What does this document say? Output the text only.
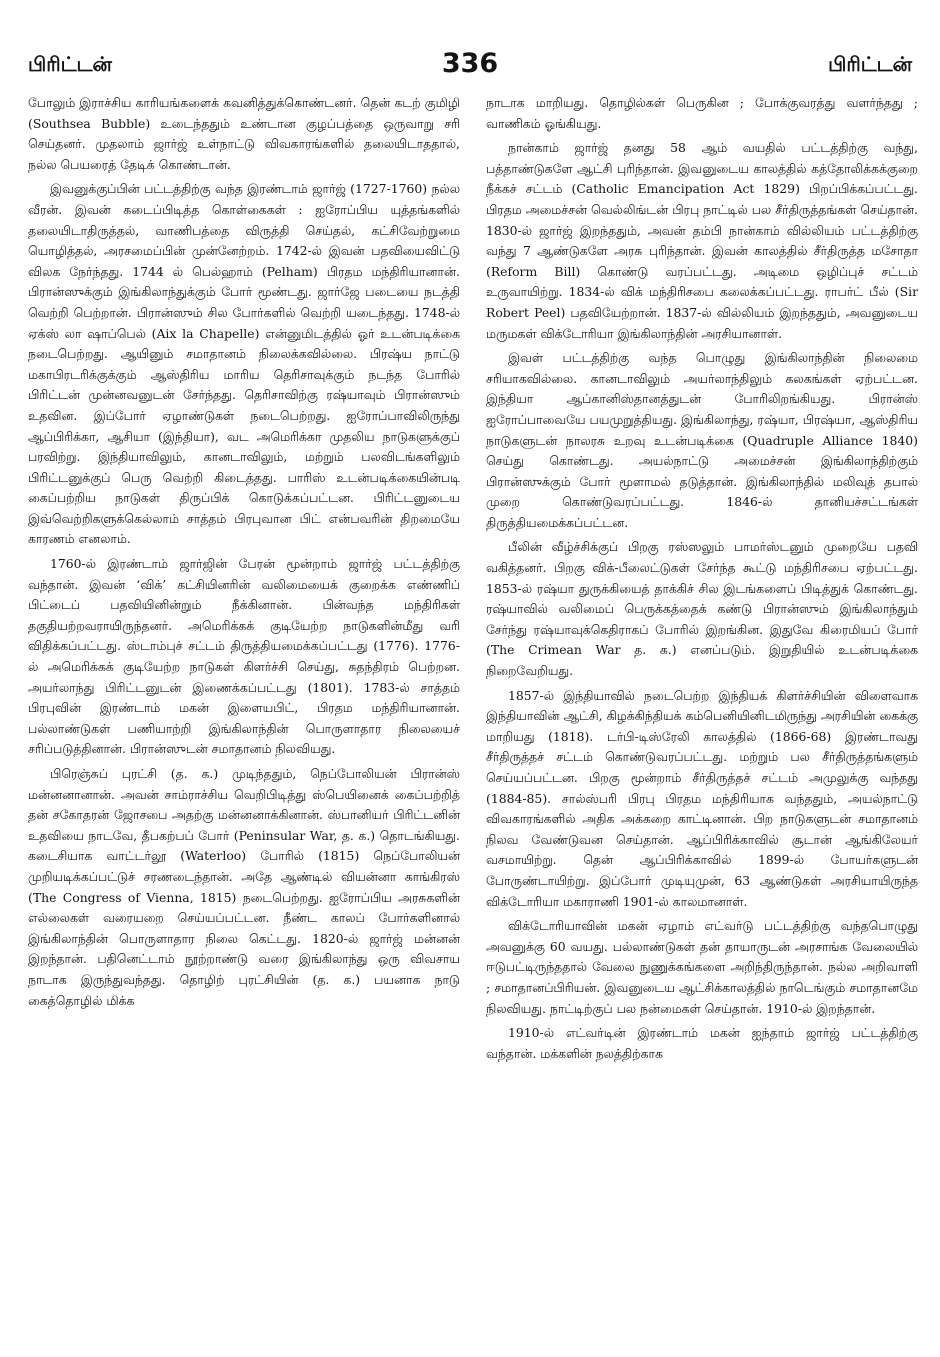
பிரிட்டன்	336	பிரிட்டன்

போலும் இராச்சிய காரியங்களைக் கவனித்துக்கொண்டனர். தென் கடற் குமிழி (Southsea Bubble) உடைந்ததும் உண்டான குழப்பத்தை ஒருவாறு சரி செய்தனர். முதலாம் ஜார்ஜ் உள்நாட்டு விவகாரங்களில் தலையிடாததால், நல்ல பெயரைத் தேடிக் கொண்டான்.

இவனுக்குப்பின் பட்டத்திற்கு வந்த இரண்டாம் ஜார்ஜ் (1727-1760) நல்ல வீரன். இவன் கடைப்பிடித்த கொள்கைகள் : ஐரோப்பிய யுத்தங்களில் தலையிடாதிருத்தல், வாணிபத்தை விருத்தி செய்தல், கட்சிவேற்றுமை யொழித்தல், அரசமைப்பின் முன்னேற்றம். 1742-ல் இவன் பதவியைவிட்டு விலக நேர்ந்தது. 1744 ல் பெல்ஹாம் (Pelham) பிரதம மந்திரியானான். பிரான்ஸுக்கும் இங்கிலாந்துக்கும் போர் மூண்டது. ஜார்ஜே படையை நடத்தி வெற்றி பெற்றான். பிரான்ஸும் சில போர்களில் வெற்றி யடைந்தது. 1748-ல் ஏக்ஸ் லா ஷாப்பெல் (Aix la Chapelle) என்னுமிடத்தில் ஓர் உடன்படிக்கை நடைபெற்றது. ஆயினும் சமாதானம் நிலைக்கவில்லை. பிரஷ்ய நாட்டு மகாபிரடரிக்குக்கும் ஆஸ்திரிய மாரிய தெரிசாவுக்கும் நடந்த போரில் பிரிட்டன் முன்னவனுடன் சேர்ந்தது. தெரிசாவிற்கு ரஷ்யாவும் பிரான்ஸும் உதவின. இப்போர் ஏழாண்டுகள் நடைபெற்றது. ஐரோப்பாவிலிருந்து ஆப்பிரிக்கா, ஆசியா (இந்தியா), வட அமெரிக்கா முதலிய நாடுகளுக்குப் பரவிற்று. இந்தியாவிலும், கானடாவிலும், மற்றும் பலவிடங்களிலும் பிரிட்டனுக்குப் பெரு வெற்றி கிடைத்தது. பாரிஸ் உடன்படிக்கையின்படி கைப்பற்றிய நாடுகள் திருப்பிக் கொடுக்கப்பட்டன. பிரிட்டனுடைய இவ்வெற்றிகளுக்கெல்லாம் சாத்தம் பிரபுவான பிட் என்பவரின் திறமையே காரணம் எனலாம்.

1760-ல் இரண்டாம் ஜார்ஜின் பேரன் மூன்றாம் ஜார்ஜ் பட்டத்திற்கு வந்தான். இவன் ‘விக்’ கட்சியினரின் வலிமையைக் குறைக்க எண்ணிப் பிட்டைப் பதவியினின்றும் நீக்கினான். பின்வந்த மந்திரிகள் தகுதியற்றவராயிருந்தனர். அமெரிக்கக் குடியேற்ற நாடுகளின்மீது வரி விதிக்கப்பட்டது. ஸ்டாம்புச் சட்டம் திருத்தியமைக்கப்பட்டது (1776). 1776-ல் அமெரிக்கக் குடியேற்ற நாடுகள் கிளர்ச்சி செய்து, சுதந்திரம் பெற்றன. அயர்லாந்து பிரிட்டனுடன் இணைக்கப்பட்டது (1801). 1783-ல் சாத்தம் பிரபுவின் இரண்டாம் மகன் இளையபிட், பிரதம மந்திரியானான். பல்லாண்டுகள் பணியாற்றி இங்கிலாந்தின் பொருளாதார நிலையைச் சரிப்படுத்தினான். பிரான்ஸுடன் சமாதானம் நிலவியது.

பிரெஞ்சுப் புரட்சி (த. க.) முடிந்ததும், நெப்போலியன் பிரான்ஸ் மன்னனானான். அவன் சாம்ராச்சிய வெறிபிடித்து ஸ்பெயினைக் கைப்பற்றித் தன் சகோதரன் ஜோசபை அதற்கு மன்னனாக்கினான். ஸ்பானியர் பிரிட்டனின் உதவியை நாடவே, தீபகற்பப் போர் (Peninsular War, த. க.) தொடங்கியது. கடைசியாக வாட்டர்லூ (Waterloo) போரில் (1815) நெப்போலியன் முறியடிக்கப்பட்டுச் சரணடைந்தான். அதே ஆண்டில் வியன்னா காங்கிரஸ் (The Congress of Vienna, 1815) நடைபெற்றது. ஐரோப்பிய அரசுகளின் எல்லைகள் வரையறை செய்யப்பட்டன. நீண்ட காலப் போர்களினால் இங்கிலாந்தின் பொருளாதார நிலை கெட்டது. 1820-ல் ஜார்ஜ் மன்னன் இறந்தான். பதினெட்டாம் நூற்றாண்டு வரை இங்கிலாந்து ஒரு விவசாய நாடாக இருந்துவந்தது. தொழிற் புரட்சியின் (த. க.) பயனாக நாடு கைத்தொழில் மிக்க

நாடாக மாறியது. தொழில்கள் பெருகின ; போக்குவரத்து வளர்ந்தது ; வாணிகம் ஓங்கியது.

நான்காம் ஜார்ஜ் தனது 58 ஆம் வயதில் பட்டத்திற்கு வந்து, பத்தாண்டுகளே ஆட்சி புரிந்தான். இவனுடைய காலத்தில் கத்தோலிக்கக்குறை நீக்கச் சட்டம் (Catholic Emancipation Act 1829) பிறப்பிக்கப்பட்டது. பிரதம அமைச்சன் வெல்லிங்டன் பிரபு நாட்டில் பல சீர்திருத்தங்கள் செய்தான். 1830-ல் ஜார்ஜ் இறந்ததும், அவன் தம்பி நான்காம் வில்லியம் பட்டத்திற்கு வந்து 7 ஆண்டுகளே அரசு புரிந்தான். இவன் காலத்தில் சீர்திருத்த மசோதா (Reform Bill) கொண்டு வரப்பட்டது. அடிமை ஒழிப்புச் சட்டம் உருவாயிற்று. 1834-ல் விக் மந்திரிசபை கலைக்கப்பட்டது. ராபர்ட் பீல் (Sir Robert Peel) பதவியேற்றான். 1837-ல் வில்லியம் இறந்ததும், அவனுடைய மருமகள் விக்டோரியா இங்கிலாந்தின் அரசியானாள்.

இவள் பட்டத்திற்கு வந்த பொழுது இங்கிலாந்தின் நிலைமை சரியாகவில்லை. கானடாவிலும் அயர்லாந்திலும் கலகங்கள் ஏற்பட்டன. இந்தியா ஆப்கானிஸ்தானத்துடன் போரிலிறங்கியது. பிரான்ஸ் ஐரோப்பாவையே பயமுறுத்தியது. இங்கிலாந்து, ரஷ்யா, பிரஷ்யா, ஆஸ்திரிய நாடுகளுடன் நாலரசு உறவு உடன்படிக்கை (Quadruple Alliance 1840) செய்து கொண்டது. அயல்நாட்டு அமைச்சன் இங்கிலாந்திற்கும் பிரான்ஸுக்கும் போர் மூளாமல் தடுத்தான். இங்கிலாந்தில் மலிவுத் தபால் முறை கொண்டுவரப்பட்டது. 1846-ல் தானியச்சட்டங்கள் திருத்தியமைக்கப்பட்டன.

பீலின் வீழ்ச்சிக்குப் பிறகு ரஸ்ஸலும் பாமர்ஸ்டனும் முறையே பதவி வகித்தனர். பிறகு விக்-பீலைட்டுகள் சேர்ந்த கூட்டு மந்திரிசபை ஏற்பட்டது. 1853-ல் ரஷ்யா துருக்கியைத் தாக்கிச் சில இடங்களைப் பிடித்துக் கொண்டது. ரஷ்யாவில் வலிமைப் பெருக்கத்தைக் கண்டு பிரான்ஸும் இங்கிலாந்தும் சேர்ந்து ரஷ்யாவுக்கெதிராகப் போரில் இறங்கின. இதுவே கிரைமியப் போர் (The Crimean War த. க.) எனப்படும். இறுதியில் உடன்படிக்கை நிறைவேறியது.

1857-ல் இந்தியாவில் நடைபெற்ற இந்தியக் கிளர்ச்சியின் விளைவாக இந்தியாவின் ஆட்சி, கிழக்கிந்தியக் கம்பெனியினிடமிருந்து அரசியின் கைக்கு மாறியது (1818). டர்பி-டிஸ்ரேலி காலத்தில் (1866-68) இரண்டாவது சீர்திருத்தச் சட்டம் கொண்டுவரப்பட்டது. மற்றும் பல சீர்திருத்தங்களும் செய்யப்பட்டன. பிறகு மூன்றாம் சீர்திருத்தச் சட்டம் அமுலுக்கு வந்தது (1884-85). சால்ஸ்பரி பிரபு பிரதம மந்திரியாக வந்ததும், அயல்நாட்டு விவகாரங்களில் அதிக அக்கறை காட்டினான். பிற நாடுகளுடன் சமாதானம் நிலவ வேண்டுவன செய்தான். ஆப்பிரிக்காவில் சூடான் ஆங்கிலேயர் வசமாயிற்று. தென் ஆப்பிரிக்காவில் 1899-ல் போயர்களுடன் போருண்டாயிற்று. இப்போர் முடியுமுன், 63 ஆண்டுகள் அரசியாயிருந்த விக்டோரியா மகாராணி 1901-ல் காலமானாள்.

விக்டோரியாவின் மகன் ஏழாம் எட்வர்டு பட்டத்திற்கு வந்தபொழுது அவனுக்கு 60 வயது. பல்லாண்டுகள் தன் தாயாருடன் அரசாங்க வேலையில் ஈடுபட்டிருந்ததால் வேலை நுணுக்கங்களை அறிந்திருந்தான். நல்ல அறிவாளி ; சமாதானப்பிரியன். இவனுடைய ஆட்சிக்காலத்தில் நாடெங்கும் சமாதானமே நிலவியது. நாட்டிற்குப் பல நன்மைகள் செய்தான். 1910-ல் இறந்தான்.

1910-ல் எட்வர்டின் இரண்டாம் மகன் ஐந்தாம் ஜார்ஜ் பட்டத்திற்கு வந்தான். மக்களின் நலத்திற்காக
